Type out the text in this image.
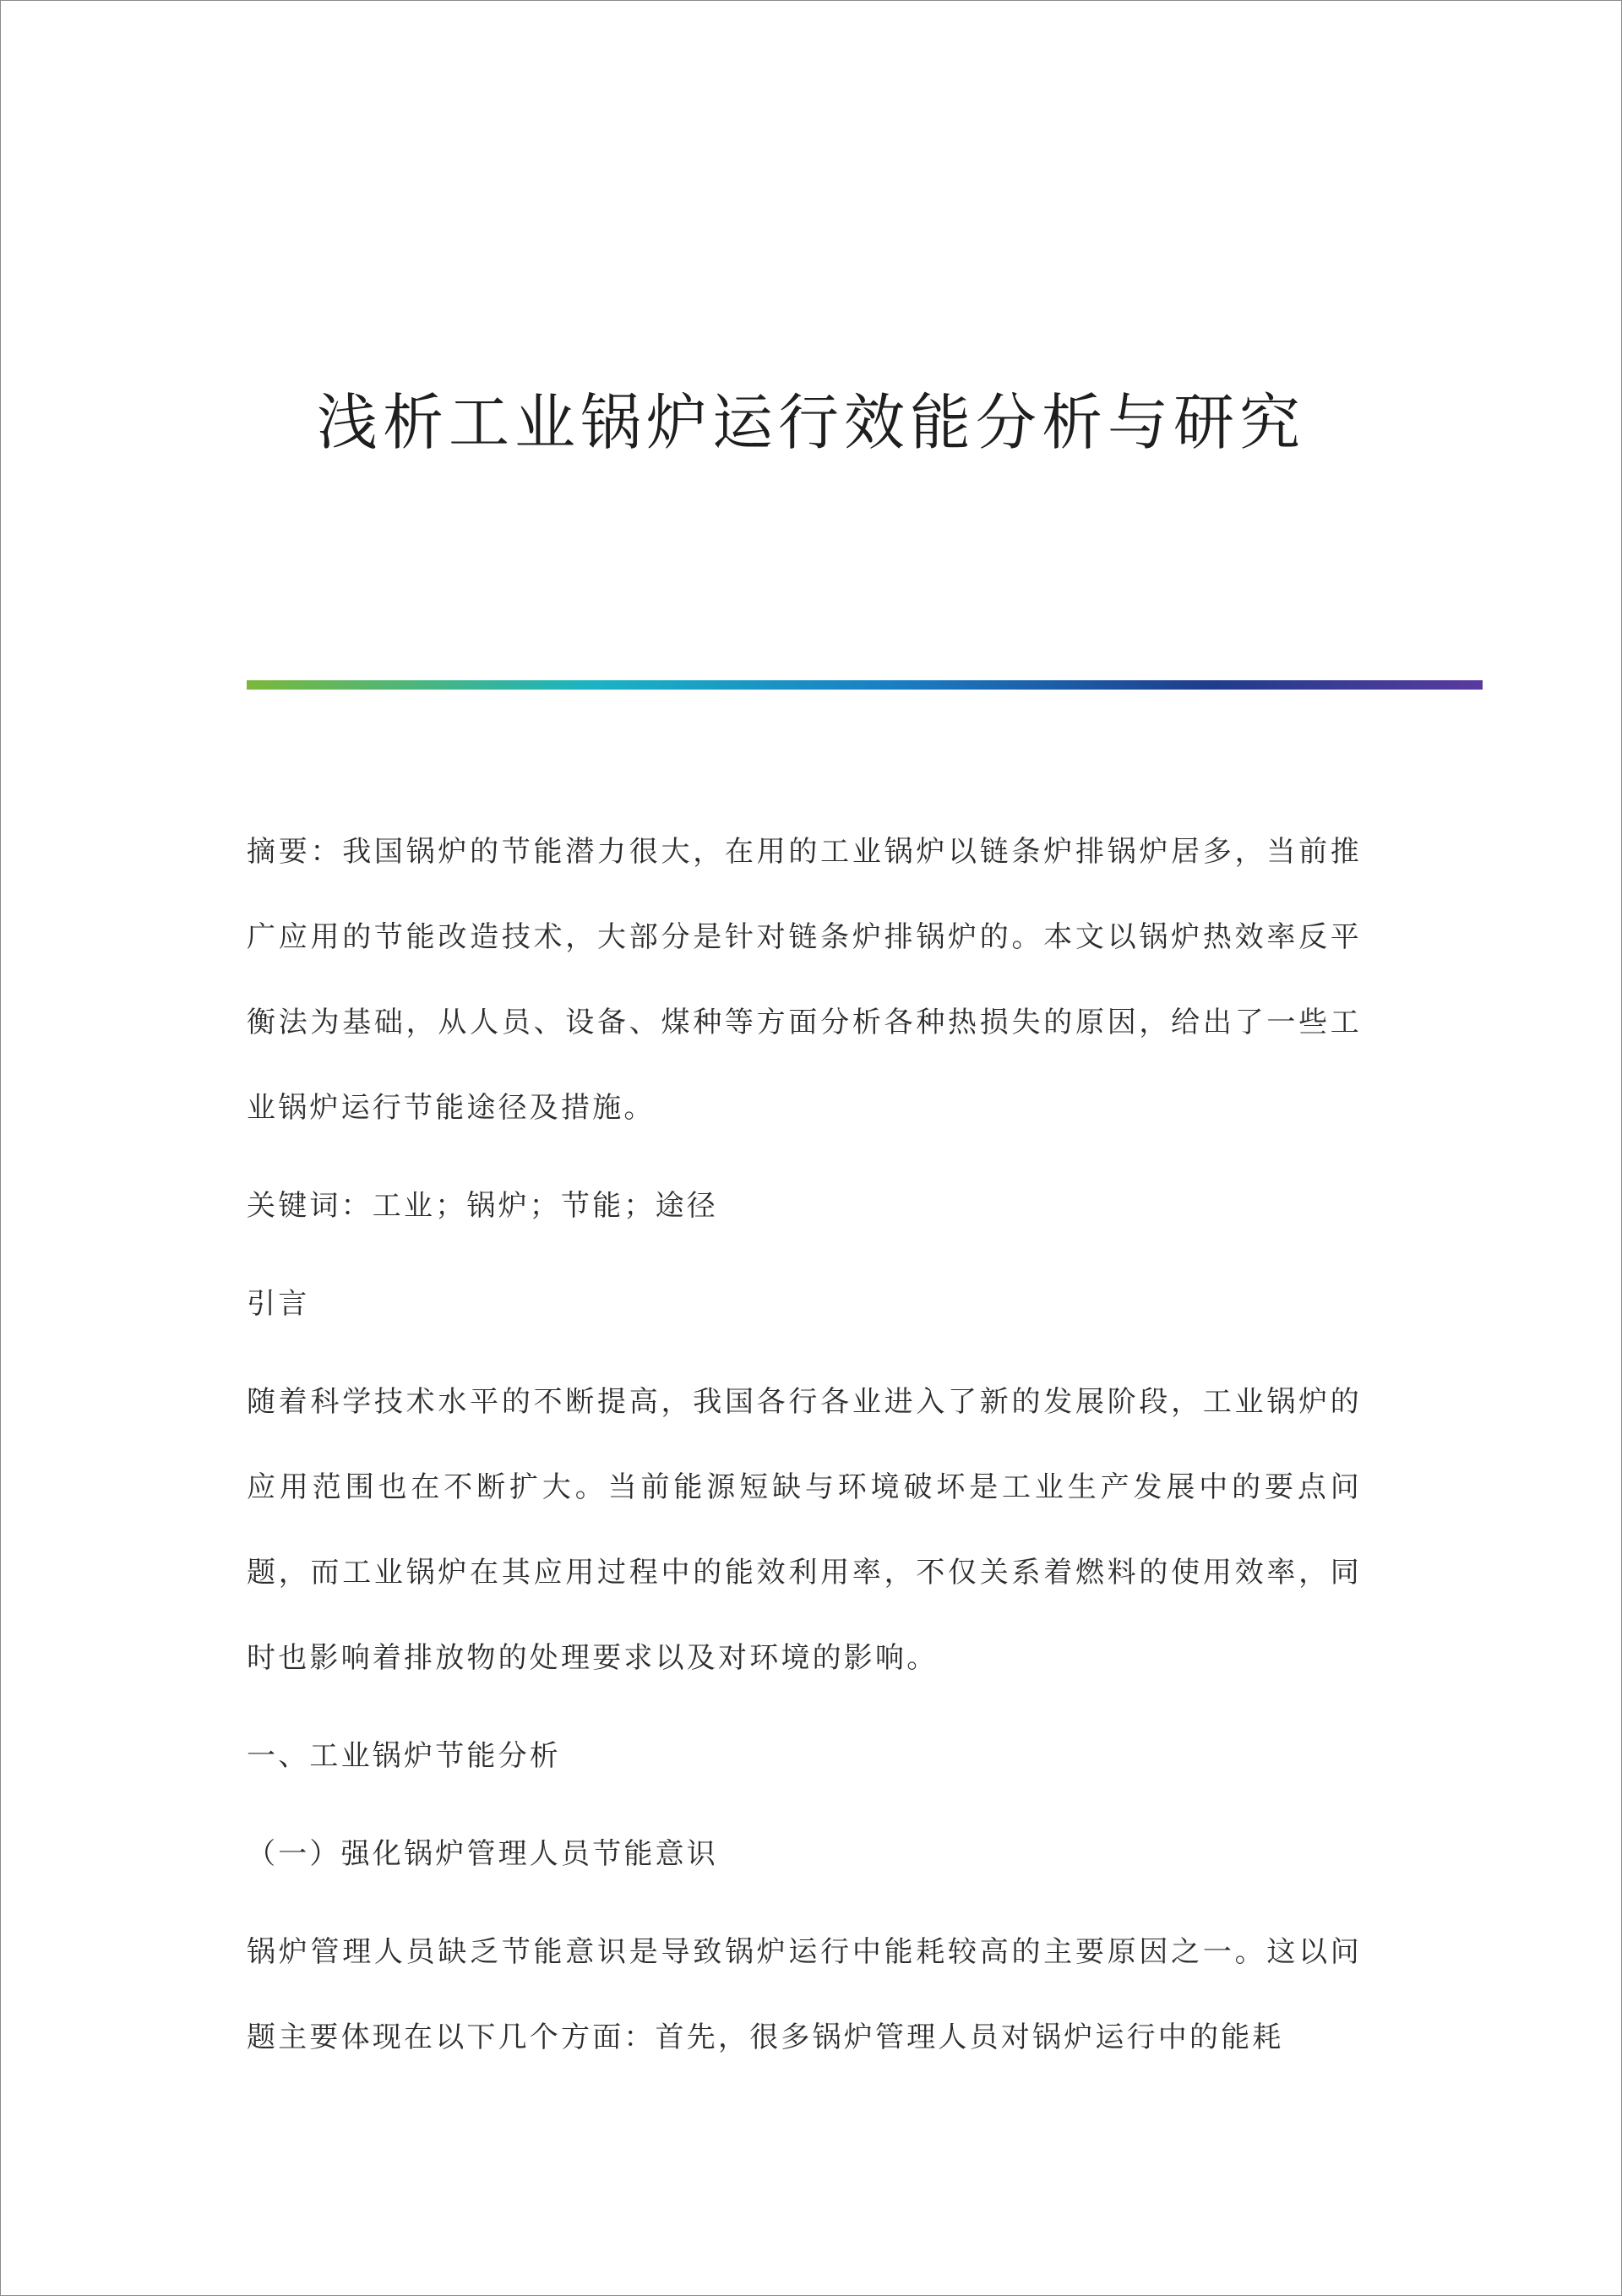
浅析工业锅炉运行效能分析与研究

摘要：我国锅炉的节能潜力很大，在用的工业锅炉以链条炉排锅炉居多，当前推广应用的节能改造技术，大部分是针对链条炉排锅炉的。本文以锅炉热效率反平衡法为基础，从人员、设备、煤种等方面分析各种热损失的原因，给出了一些工业锅炉运行节能途径及措施。

关键词：工业；锅炉；节能；途径

引言

随着科学技术水平的不断提高，我国各行各业进入了新的发展阶段，工业锅炉的应用范围也在不断扩大。当前能源短缺与环境破坏是工业生产发展中的要点问题，而工业锅炉在其应用过程中的能效利用率，不仅关系着燃料的使用效率，同时也影响着排放物的处理要求以及对环境的影响。

一、工业锅炉节能分析

（一）强化锅炉管理人员节能意识

锅炉管理人员缺乏节能意识是导致锅炉运行中能耗较高的主要原因之一。这以问题主要体现在以下几个方面：首先，很多锅炉管理人员对锅炉运行中的能耗
